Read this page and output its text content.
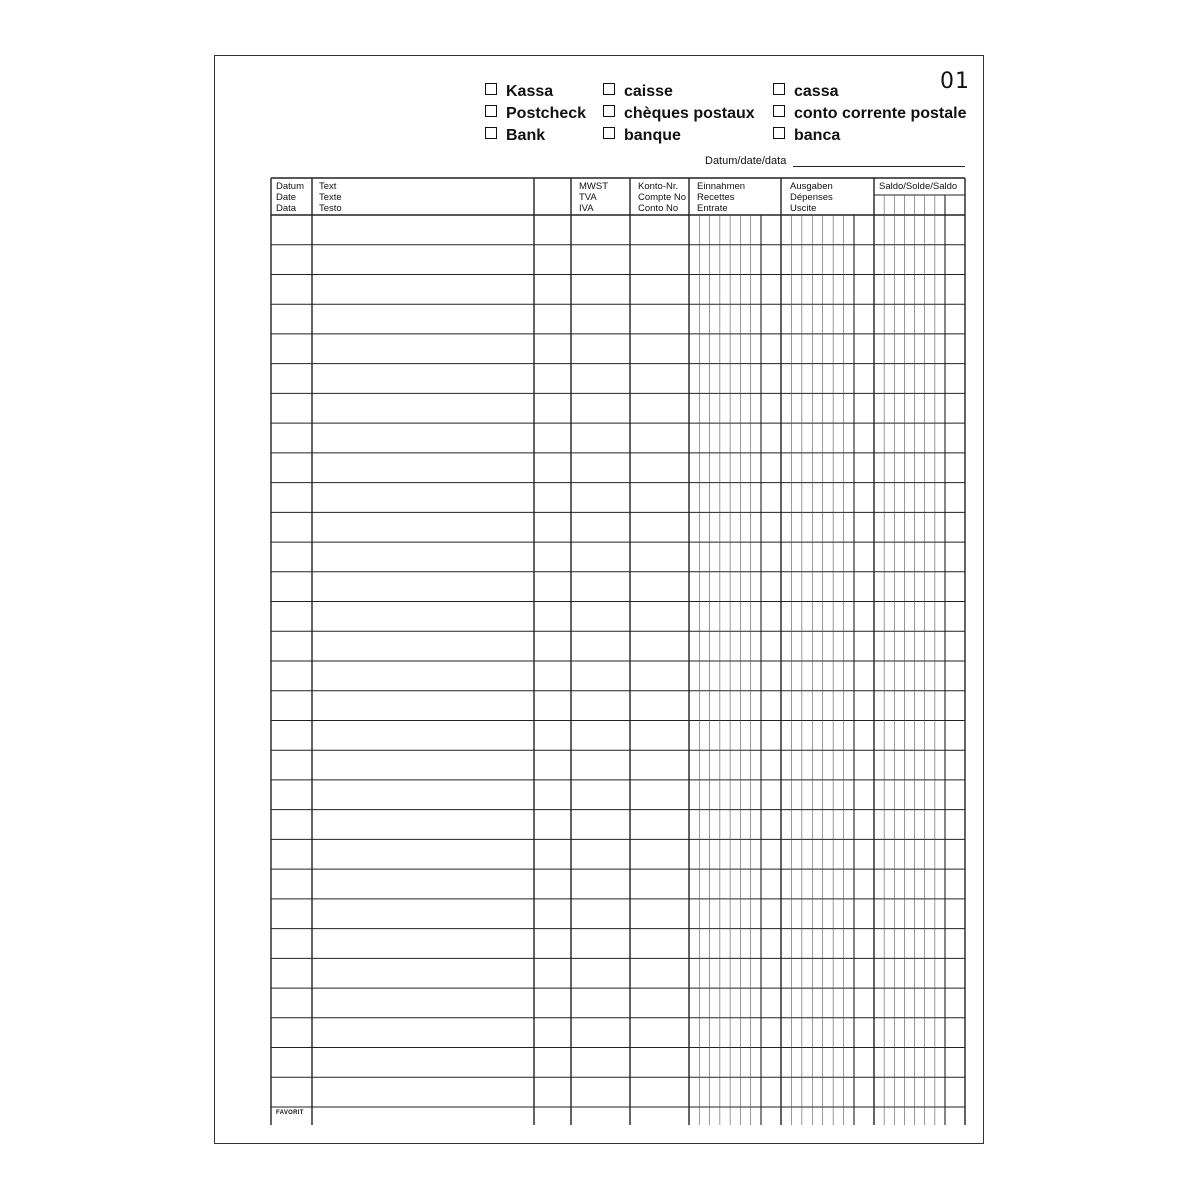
01
Kassa
Postcheck
Bank
caisse
chèques postaux
banque
cassa
conto corrente postale
banca
Datum/date/data
Datum
Date
Data
Text
Texte
Testo
MWST
TVA
IVA
Konto-Nr.
Compte No
Conto No
Einnahmen
Recettes
Entrate
Ausgaben
Dépenses
Uscite
Saldo/Solde/Saldo
FAVORIT
